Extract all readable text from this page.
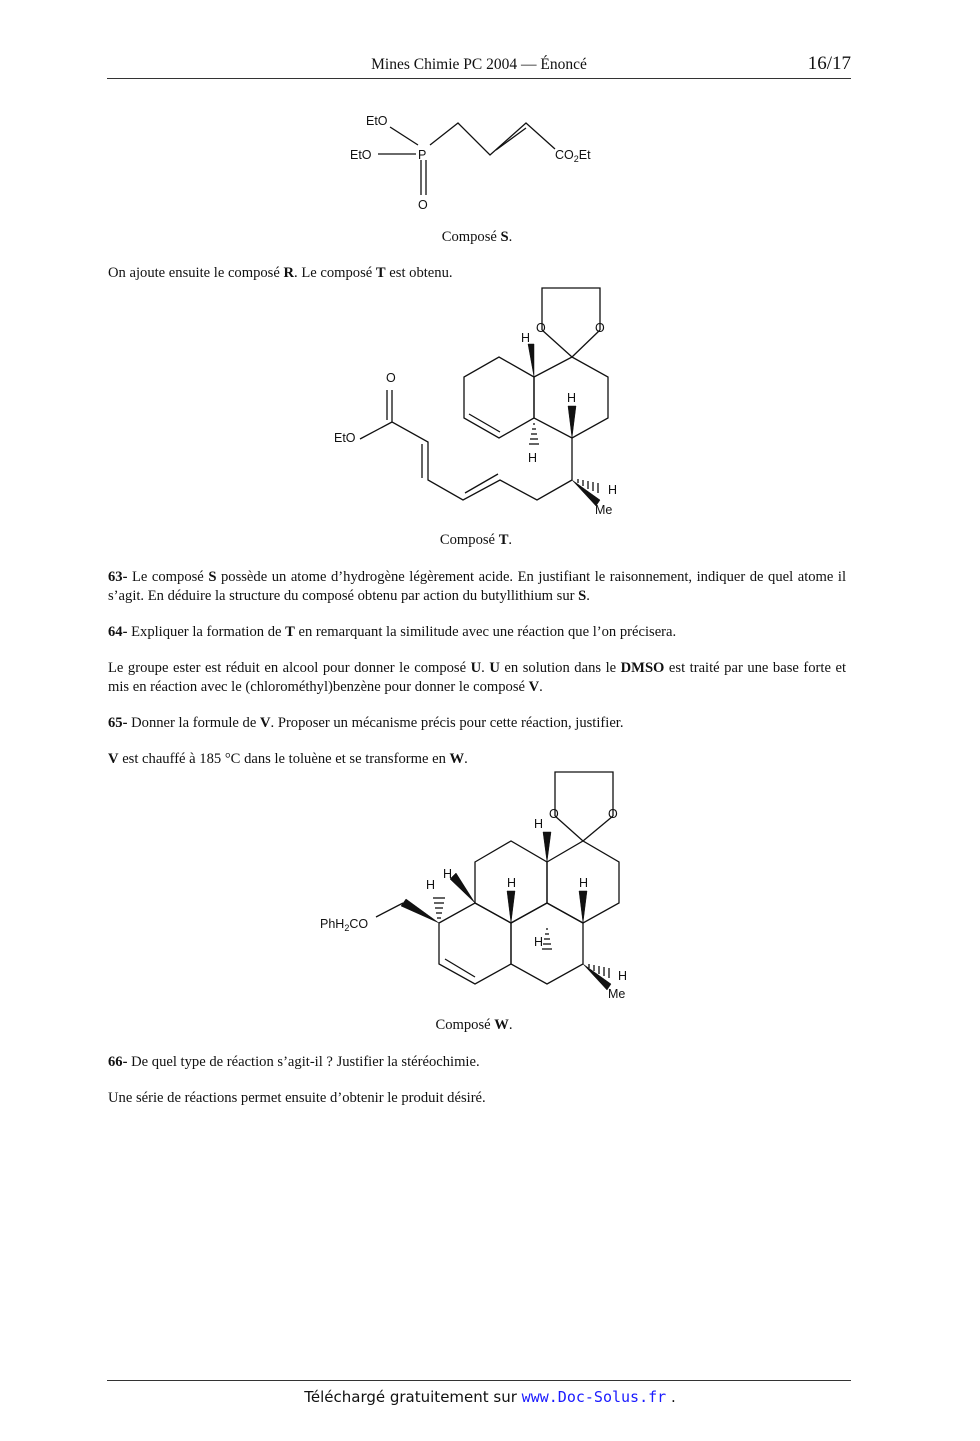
Mines Chimie PC 2004 — Énoncé	16/17
EtO
EtO	P
O
$CO_2Et$
Composé S.
On ajoute ensuite le composé R. Le composé T est obtenu.
O	O
H
H
H
H
Me
O
EtO
Composé T.
63- Le composé S possède un atome d’hydrogène légèrement acide. En justifiant le raisonnement, indiquer de quel atome il s’agit. En déduire la structure du composé obtenu par action du butyllithium sur S.
64- Expliquer la formation de T en remarquant la similitude avec une réaction que l’on précisera.
Le groupe ester est réduit en alcool pour donner le composé U. U en solution dans le DMSO est traité par une base forte et mis en réaction avec le (chlorométhyl)benzène pour donner le composé V.
65- Donner la formule de V. Proposer un mécanisme précis pour cette réaction, justifier.
V est chauffé à 185 °C dans le toluène et se transforme en W.
O	O
H
H
H	H
H
H
PhH$_2$CO
H
Me
Composé W.
66- De quel type de réaction s’agit-il ? Justifier la stéréochimie.
Une série de réactions permet ensuite d’obtenir le produit désiré.
Téléchargé gratuitement sur www.Doc-Solus.fr .
